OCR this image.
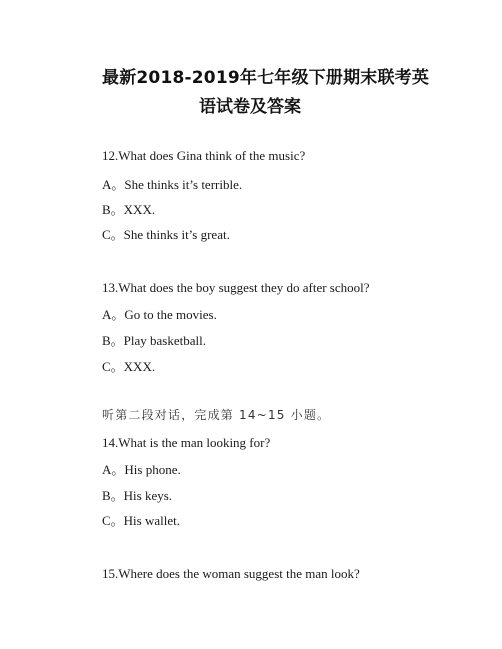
最新2018-2019年七年级下册期末联考英
语试卷及答案
12.What does Gina think of the music?
A。She thinks it’s terrible.
B。XXX.
C。She thinks it’s great.
13.What does the boy suggest they do after school?
A。Go to the movies.
B。Play basketball.
C。XXX.
听第二段对话，完成第 14~15 小题。
14.What is the man looking for?
A。His phone.
B。His keys.
C。His wallet.
15.Where does the woman suggest the man look?
